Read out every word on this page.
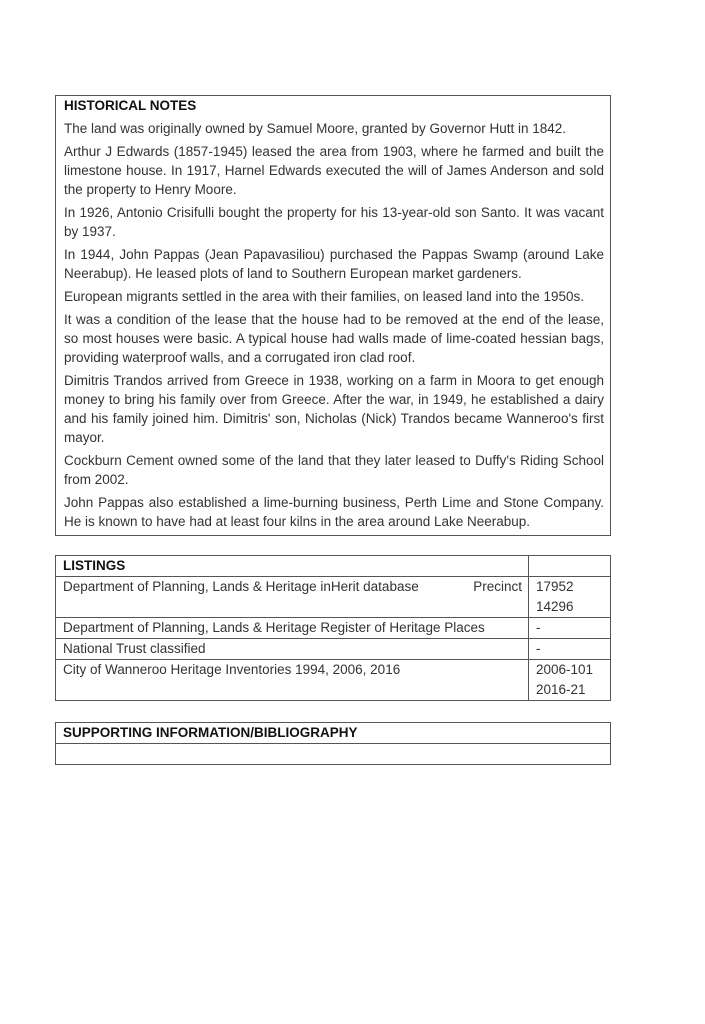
HISTORICAL NOTES

The land was originally owned by Samuel Moore, granted by Governor Hutt in 1842.

Arthur J Edwards (1857-1945) leased the area from 1903, where he farmed and built the limestone house. In 1917, Harnel Edwards executed the will of James Anderson and sold the property to Henry Moore.

In 1926, Antonio Crisifulli bought the property for his 13-year-old son Santo. It was vacant by 1937.

In 1944, John Pappas (Jean Papavasiliou) purchased the Pappas Swamp (around Lake Neerabup). He leased plots of land to Southern European market gardeners.

European migrants settled in the area with their families, on leased land into the 1950s.

It was a condition of the lease that the house had to be removed at the end of the lease, so most houses were basic. A typical house had walls made of lime-coated hessian bags, providing waterproof walls, and a corrugated iron clad roof.

Dimitris Trandos arrived from Greece in 1938, working on a farm in Moora to get enough money to bring his family over from Greece. After the war, in 1949, he established a dairy and his family joined him. Dimitris' son, Nicholas (Nick) Trandos became Wanneroo's first mayor.

Cockburn Cement owned some of the land that they later leased to Duffy's Riding School from 2002.

John Pappas also established a lime-burning business, Perth Lime and Stone Company. He is known to have had at least four kilns in the area around Lake Neerabup.

LISTINGS	

Department of Planning, Lands & Heritage inHerit database Precinct	17952
14296

Department of Planning, Lands & Heritage Register of Heritage Places	-
National Trust classified	-
City of Wanneroo Heritage Inventories 1994, 2006, 2016	2006-101
2016-21
SUPPORTING INFORMATION/BIBLIOGRAPHY
